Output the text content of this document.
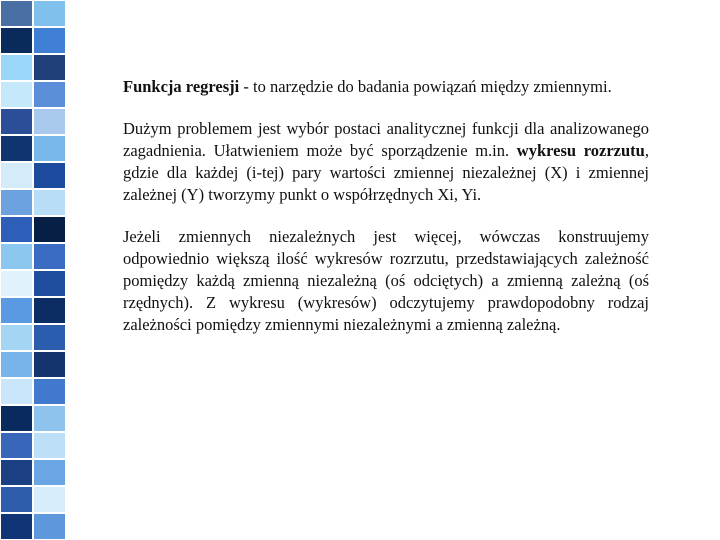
Funkcja regresji - to narzędzie do badania powiązań między zmiennymi.

Dużym problemem jest wybór postaci analitycznej funkcji dla analizowanego zagadnienia. Ułatwieniem może być sporządzenie m.in. wykresu rozrzutu, gdzie dla każdej (i-tej) pary wartości zmiennej niezależnej (X) i zmiennej zależnej (Y) tworzymy punkt o współrzędnych Xi, Yi.

Jeżeli zmiennych niezależnych jest więcej, wówczas konstruujemy odpowiednio większą ilość wykresów rozrzutu, przedstawiających zależność pomiędzy każdą zmienną niezależną (oś odciętych) a zmienną zależną (oś rzędnych). Z wykresu (wykresów) odczytujemy prawdopodobny rodzaj zależności pomiędzy zmiennymi niezależnymi a zmienną zależną.
